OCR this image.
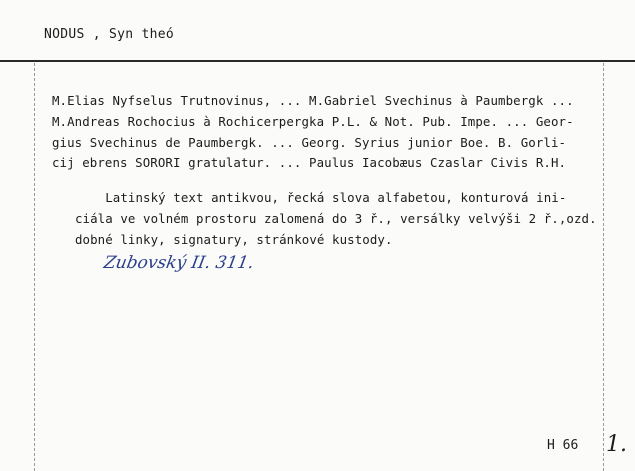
NODUS , Syn theó
M.Elias Nyfselus Trutnovinus, ... M.Gabriel Svechinus à Paumbergk ...
M.Andreas Rochocius à Rochicerpergka P.L. & Not. Pub. Impe. ... Geor-
gius Svechinus de Paumbergk. ... Georg. Syrius junior Boe. B. Gorli-
cij ebrens SORORI gratulatur. ... Paulus Iacobæus Czaslar Civis R.H.
Latinský text antikvou, řecká slova alfabetou, konturová ini-
ciála ve volném prostoru zalomená do 3 ř., versálky velvýši 2 ř.,ozd.
dobné linky, signatury, stránkové kustody.
Zubovský II. 311.
H 66 1.
